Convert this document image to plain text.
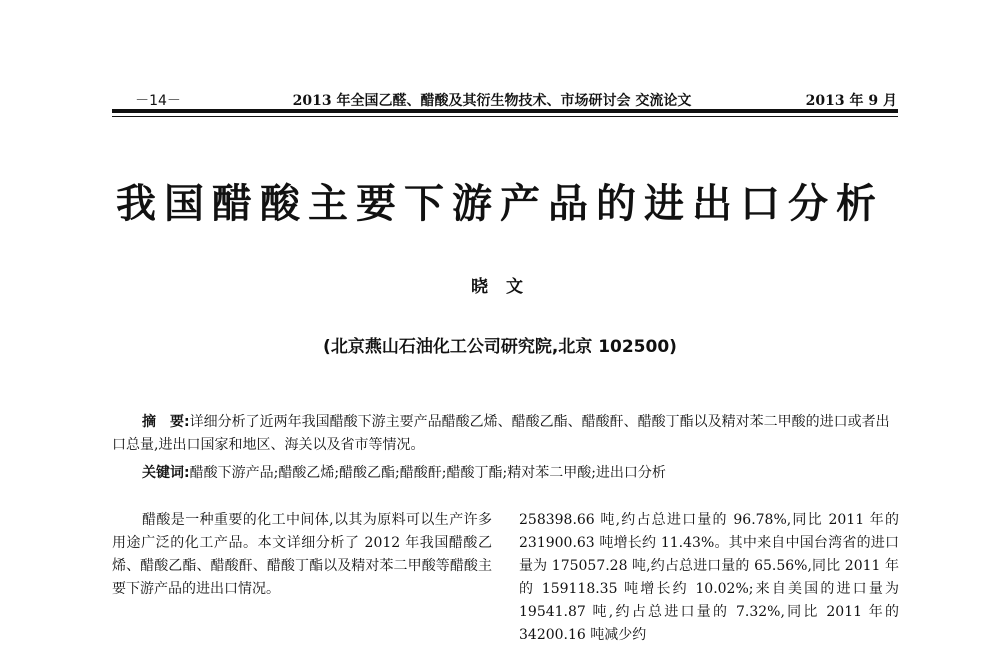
－14－	2013 年全国乙醛、醋酸及其衍生物技术、市场研讨会 交流论文	2013 年 9 月
我国醋酸主要下游产品的进出口分析
晓 文
(北京燕山石油化工公司研究院,北京 102500)

摘　要:详细分析了近两年我国醋酸下游主要产品醋酸乙烯、醋酸乙酯、醋酸酐、醋酸丁酯以及精对苯二甲酸的进口或者出口总量,进出口国家和地区、海关以及省市等情况。

关键词:醋酸下游产品;醋酸乙烯;醋酸乙酯;醋酸酐;醋酸丁酯;精对苯二甲酸;进出口分析

醋酸是一种重要的化工中间体,以其为原料可以生产许多用途广泛的化工产品。本文详细分析了 2012 年我国醋酸乙烯、醋酸乙酯、醋酸酐、醋酸丁酯以及精对苯二甲酸等醋酸主要下游产品的进出口情况。

258398.66 吨,约占总进口量的 96.78%,同比 2011 年的 231900.63 吨增长约 11.43%。其中来自中国台湾省的进口量为 175057.28 吨,约占总进口量的 65.56%,同比 2011 年的 159118.35 吨增长约 10.02%;来自美国的进口量为 19541.87 吨,约占总进口量的 7.32%,同比 2011 年的 34200.16 吨减少约
